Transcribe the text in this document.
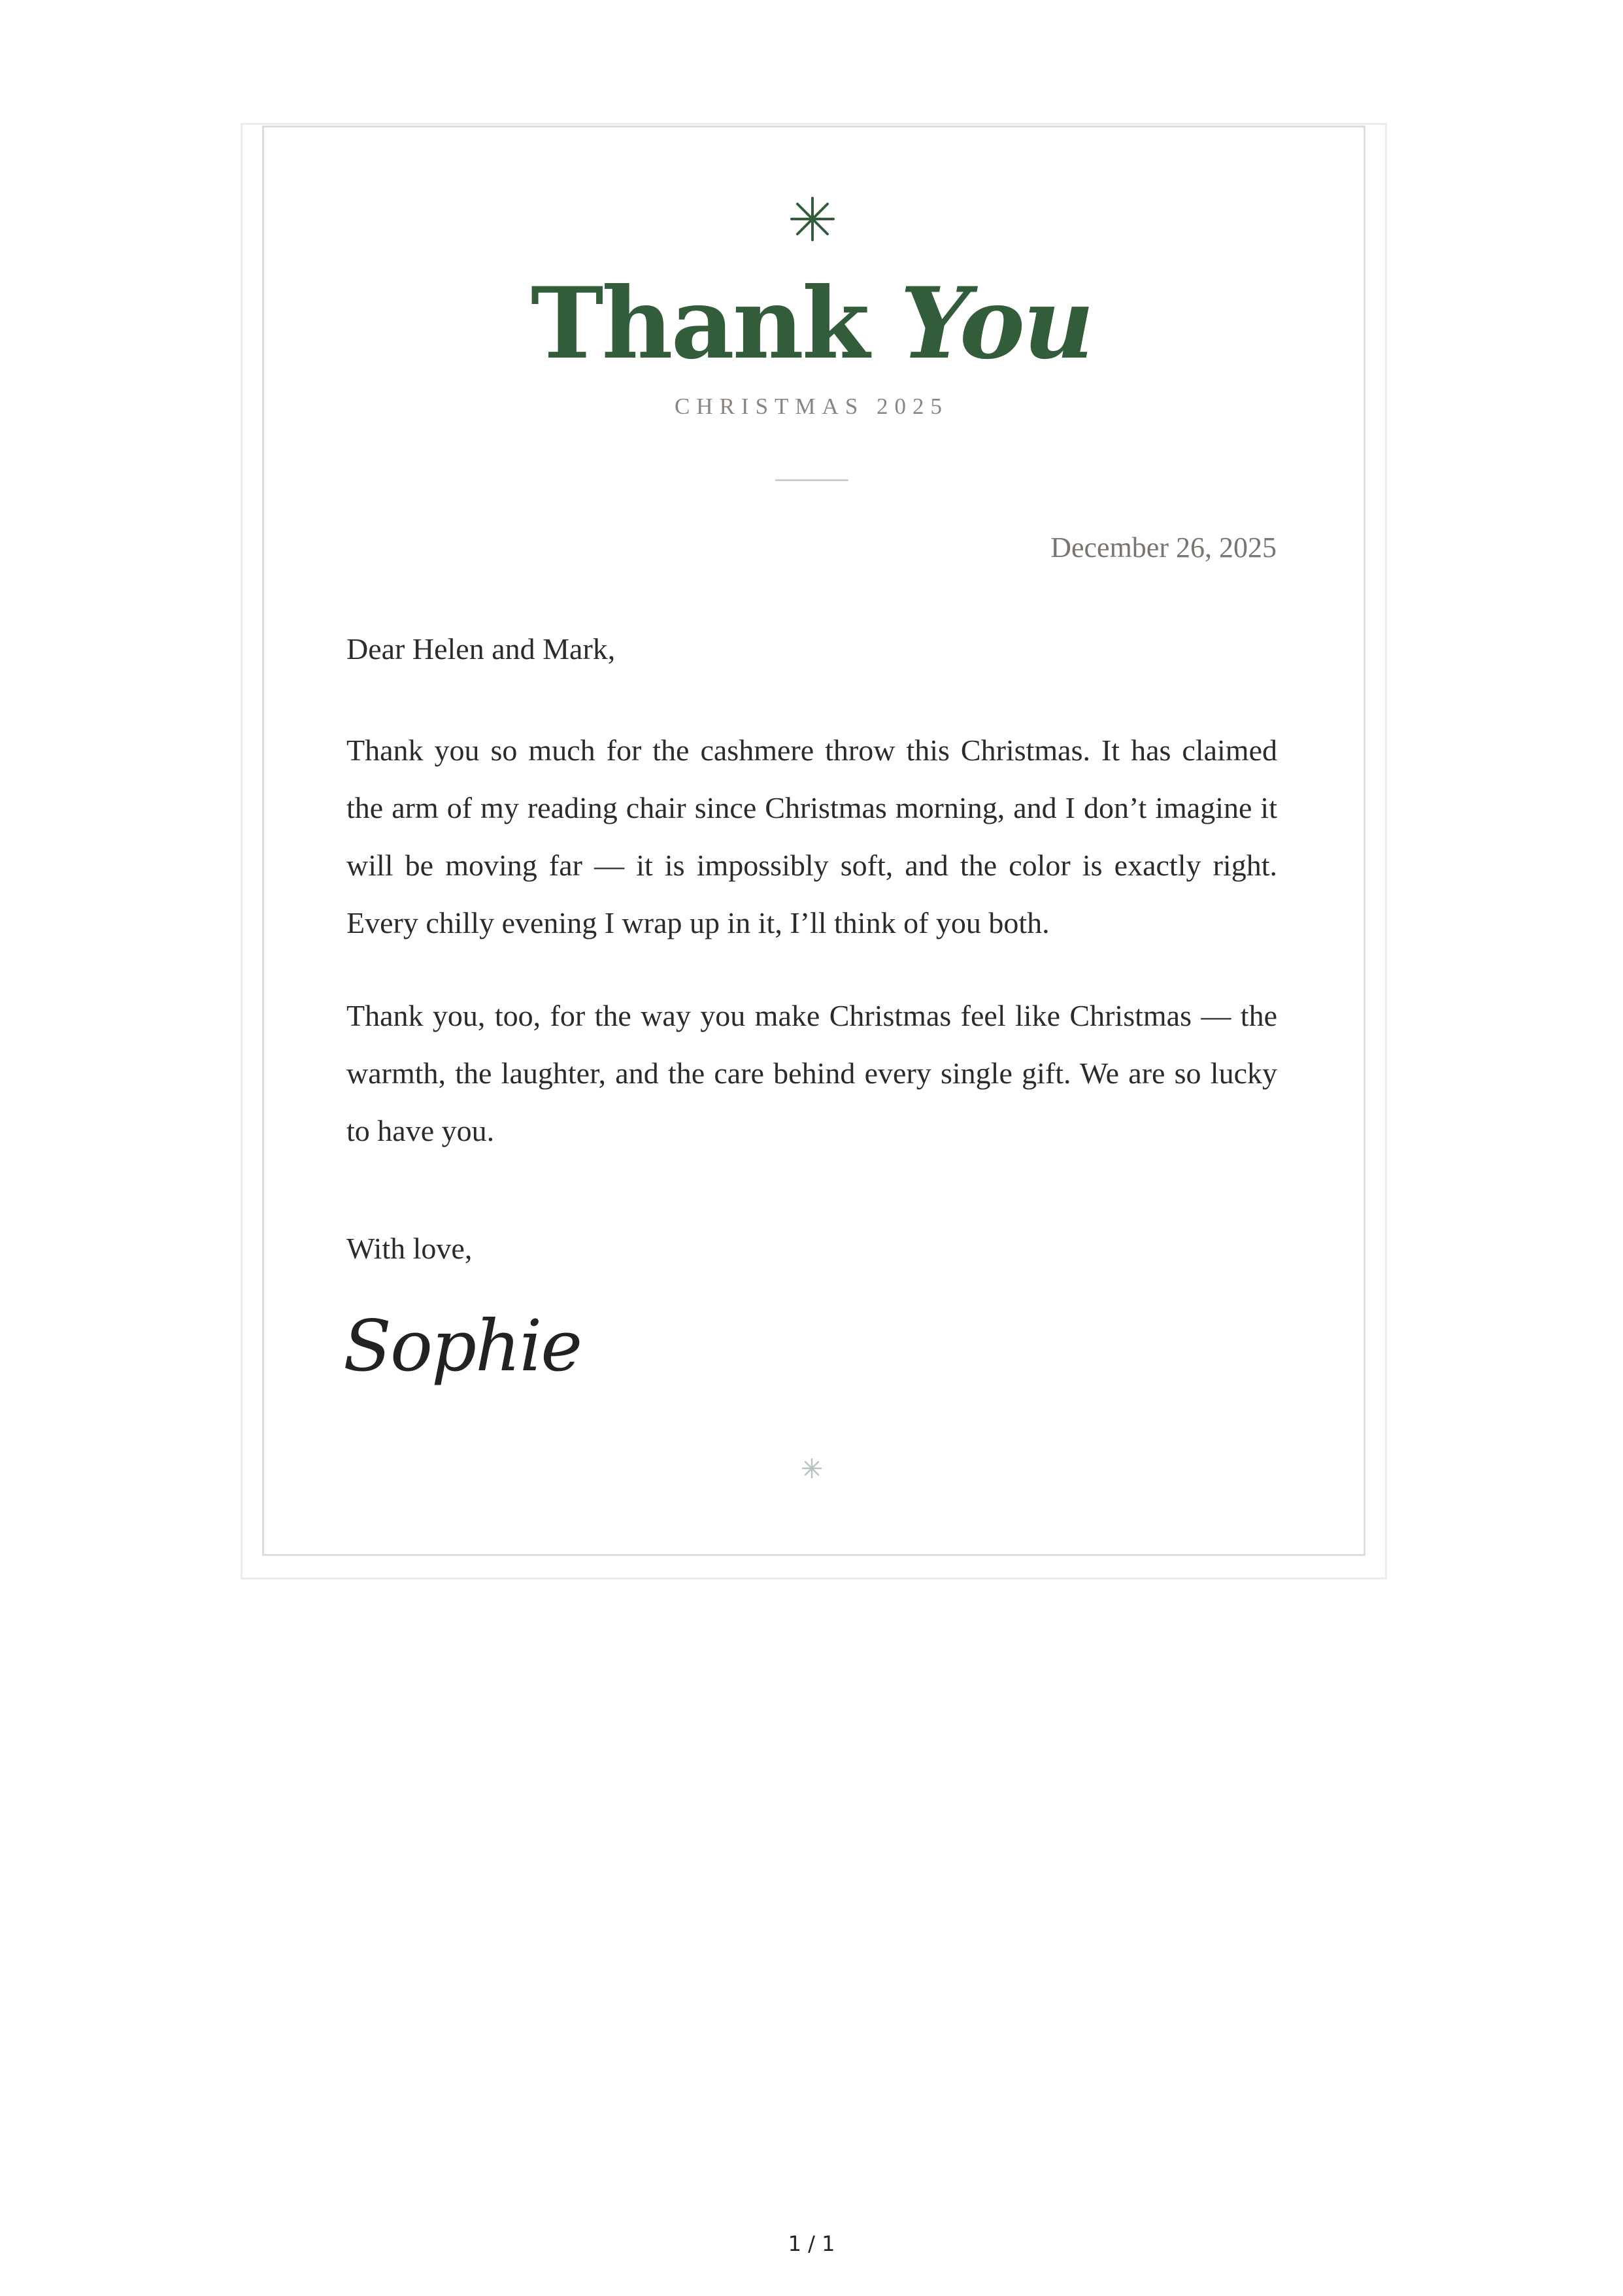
Thank You
CHRISTMAS 2025
December 26, 2025
Dear Helen and Mark,
Thank you so much for the cashmere throw this Christmas. It has claimed the arm of my reading chair since Christmas morning, and I don’t imagine it will be moving far — it is impossibly soft, and the color is exactly right. Every chilly evening I wrap up in it, I’ll think of you both.
Thank you, too, for the way you make Christmas feel like Christmas — the warmth, the laughter, and the care behind every single gift. We are so lucky to have you.
With love,
Sophie
1 / 1
